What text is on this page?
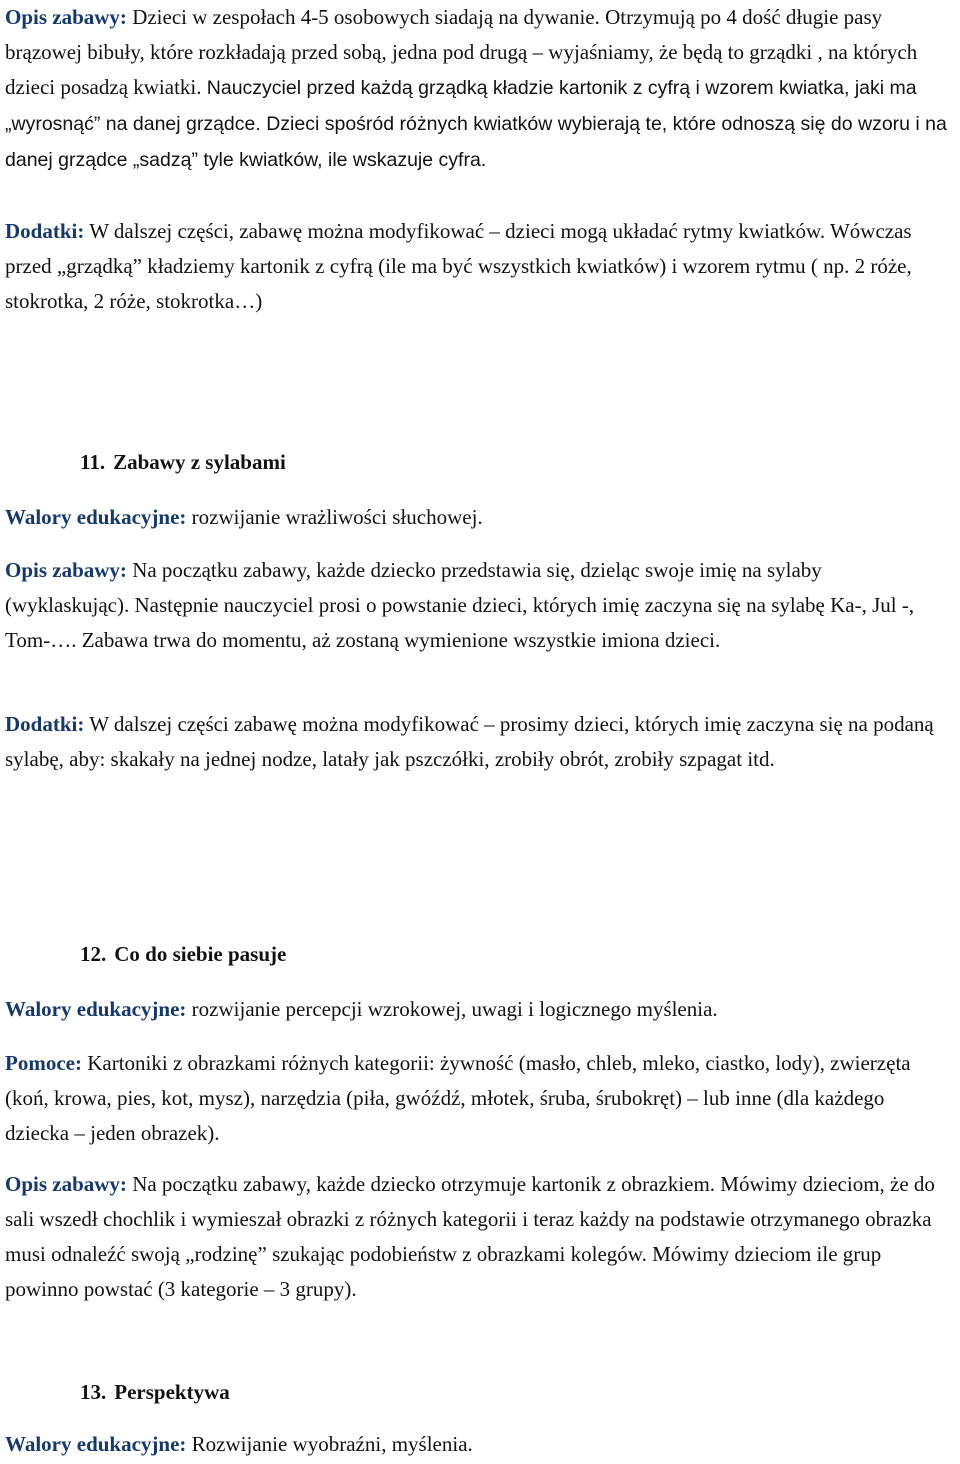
Opis zabawy: Dzieci w zespołach 4-5 osobowych siadają na dywanie. Otrzymują po 4 dość długie pasy brązowej bibuły, które rozkładają przed sobą, jedna pod drugą – wyjaśniamy, że będą to grządki , na których dzieci posadzą kwiatki. Nauczyciel przed każdą grządką kładzie kartonik z cyfrą i wzorem kwiatka, jaki ma „wyrosnąć” na danej grządce. Dzieci spośród różnych kwiatków wybierają te, które odnoszą się do wzoru i na danej grządce „sadzą” tyle kwiatków, ile wskazuje cyfra.

Dodatki: W dalszej części, zabawę można modyfikować – dzieci mogą układać rytmy kwiatków. Wówczas przed „grządką” kładziemy kartonik z cyfrą (ile ma być wszystkich kwiatków) i wzorem rytmu ( np. 2 róże, stokrotka, 2 róże, stokrotka…)

11. Zabawy z sylabami

Walory edukacyjne: rozwijanie wrażliwości słuchowej.

Opis zabawy: Na początku zabawy, każde dziecko przedstawia się, dzieląc swoje imię na sylaby (wyklaskując). Następnie nauczyciel prosi o powstanie dzieci, których imię zaczyna się na sylabę Ka-, Jul -, Tom-…. Zabawa trwa do momentu, aż zostaną wymienione wszystkie imiona dzieci.

Dodatki: W dalszej części zabawę można modyfikować – prosimy dzieci, których imię zaczyna się na podaną sylabę, aby: skakały na jednej nodze, latały jak pszczółki, zrobiły obrót, zrobiły szpagat itd.

12. Co do siebie pasuje

Walory edukacyjne: rozwijanie percepcji wzrokowej, uwagi i logicznego myślenia.

Pomoce: Kartoniki z obrazkami różnych kategorii: żywność (masło, chleb, mleko, ciastko, lody), zwierzęta (koń, krowa, pies, kot, mysz), narzędzia (piła, gwóźdź, młotek, śruba, śrubokręt) – lub inne (dla każdego dziecka – jeden obrazek).

Opis zabawy: Na początku zabawy, każde dziecko otrzymuje kartonik z obrazkiem. Mówimy dzieciom, że do sali wszedł chochlik i wymieszał obrazki z różnych kategorii i teraz każdy na podstawie otrzymanego obrazka musi odnaleźć swoją „rodzinę” szukając podobieństw z obrazkami kolegów. Mówimy dzieciom ile grup powinno powstać (3 kategorie – 3 grupy).

13. Perspektywa

Walory edukacyjne: Rozwijanie wyobraźni, myślenia.
